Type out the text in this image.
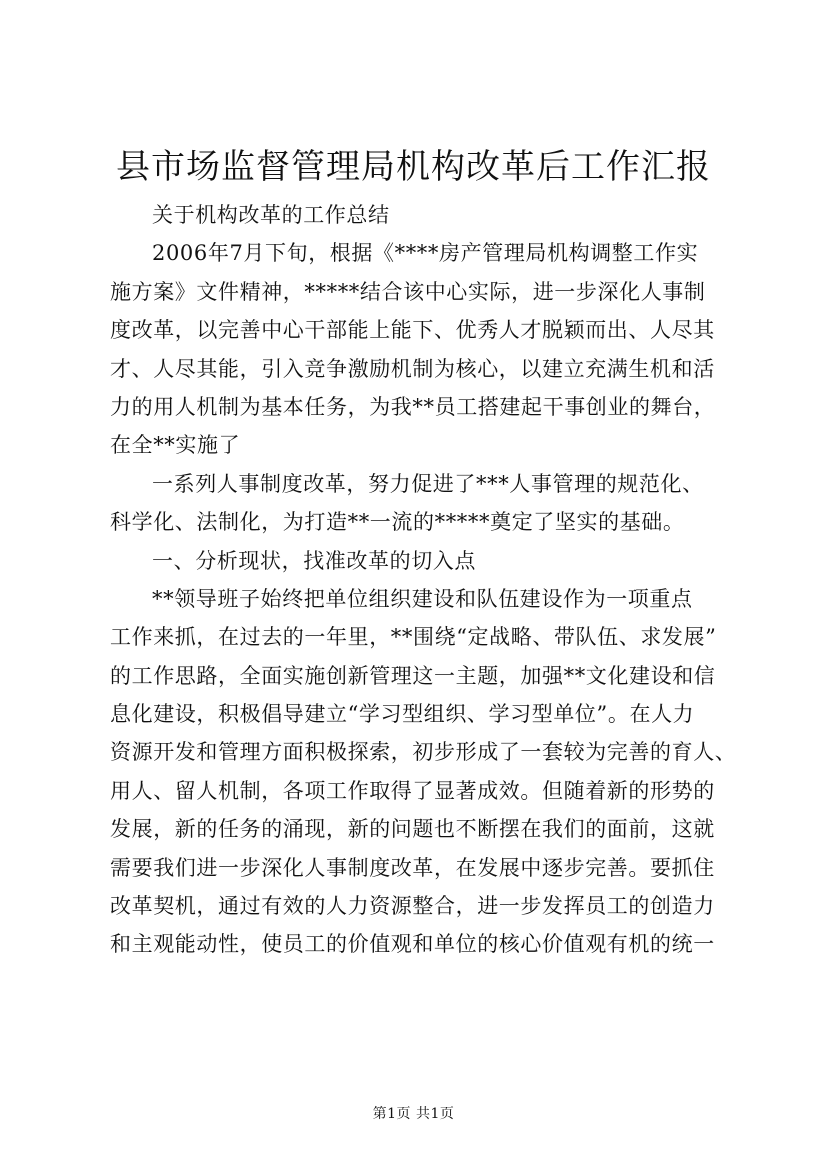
县市场监督管理局机构改革后工作汇报
关于机构改革的工作总结
2006年7月下旬，根据《****房产管理局机构调整工作实
施方案》文件精神，*****结合该中心实际，进一步深化人事制
度改革，以完善中心干部能上能下、优秀人才脱颖而出、人尽其
才、人尽其能，引入竞争激励机制为核心，以建立充满生机和活
力的用人机制为基本任务，为我**员工搭建起干事创业的舞台，
在全**实施了
一系列人事制度改革，努力促进了***人事管理的规范化、
科学化、法制化，为打造**一流的*****奠定了坚实的基础。
一、分析现状，找准改革的切入点
**领导班子始终把单位组织建设和队伍建设作为一项重点
工作来抓，在过去的一年里，**围绕“定战略、带队伍、求发展”
的工作思路，全面实施创新管理这一主题，加强**文化建设和信
息化建设，积极倡导建立“学习型组织、学习型单位”。在人力
资源开发和管理方面积极探索，初步形成了一套较为完善的育人、
用人、留人机制，各项工作取得了显著成效。但随着新的形势的
发展，新的任务的涌现，新的问题也不断摆在我们的面前，这就
需要我们进一步深化人事制度改革，在发展中逐步完善。要抓住
改革契机，通过有效的人力资源整合，进一步发挥员工的创造力
和主观能动性，使员工的价值观和单位的核心价值观有机的统一
第1页 共1页
